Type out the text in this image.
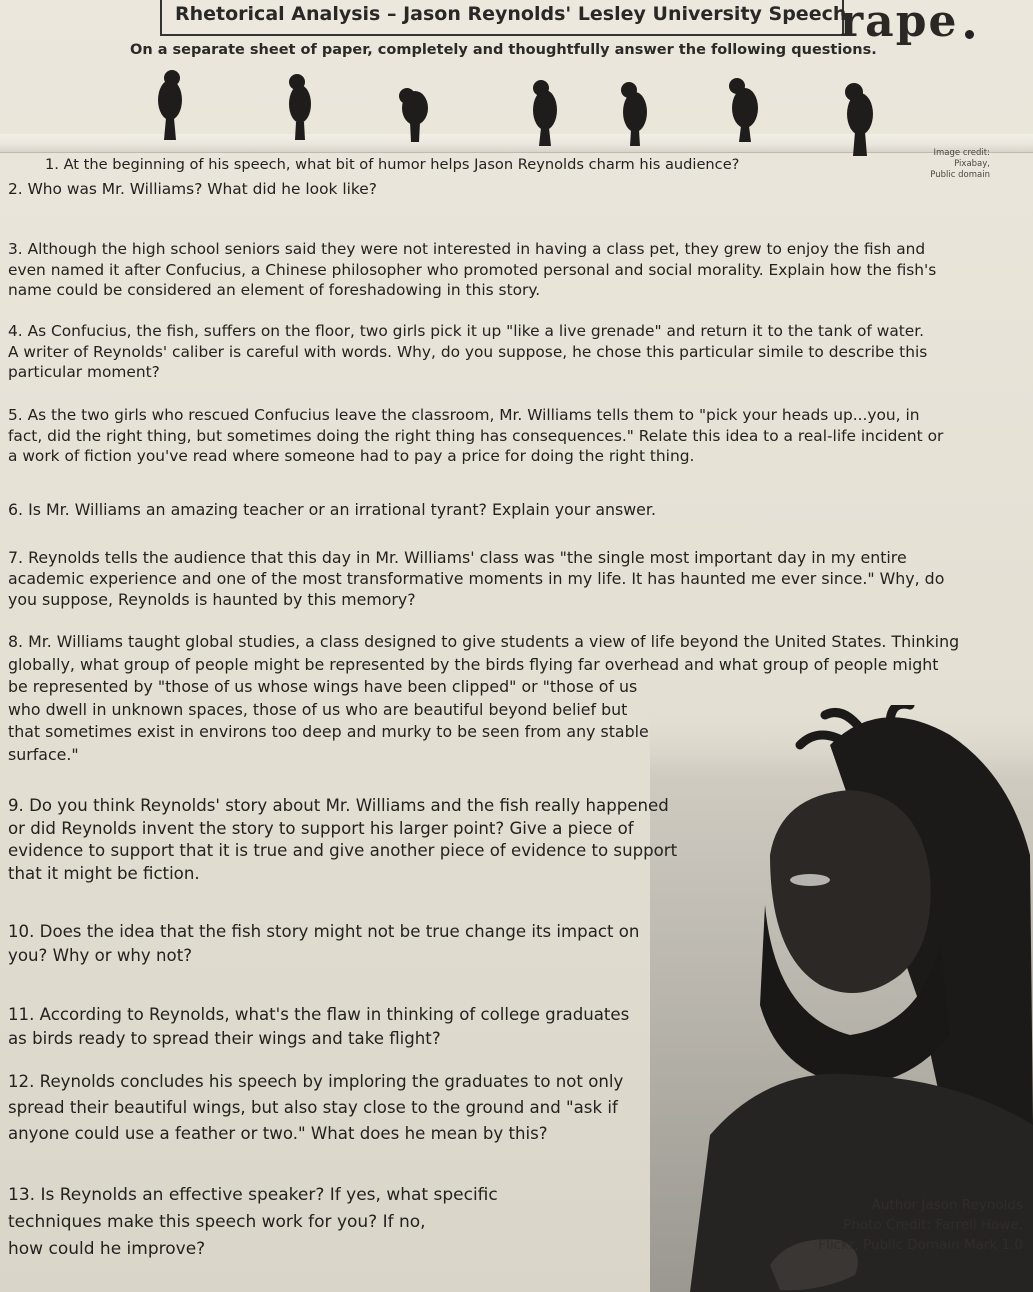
Rhetorical Analysis – Jason Reynolds' Lesley University Speech
rape
On a separate sheet of paper, completely and thoughtfully answer the following questions.
Image credit:
Pixabay,
Public domain
1. At the beginning of his speech, what bit of humor helps Jason Reynolds charm his audience?
2. Who was Mr. Williams? What did he look like?
3. Although the high school seniors said they were not interested in having a class pet, they grew to enjoy the fish and
even named it after Confucius, a Chinese philosopher who promoted personal and social morality. Explain how the fish's
name could be considered an element of foreshadowing in this story.
4. As Confucius, the fish, suffers on the floor, two girls pick it up "like a live grenade" and return it to the tank of water.
A writer of Reynolds' caliber is careful with words. Why, do you suppose, he chose this particular simile to describe this
particular moment?
5. As the two girls who rescued Confucius leave the classroom, Mr. Williams tells them to "pick your heads up...you, in
fact, did the right thing, but sometimes doing the right thing has consequences." Relate this idea to a real-life incident or
a work of fiction you've read where someone had to pay a price for doing the right thing.
6. Is Mr. Williams an amazing teacher or an irrational tyrant? Explain your answer.
7. Reynolds tells the audience that this day in Mr. Williams' class was "the single most important day in my entire
academic experience and one of the most transformative moments in my life. It has haunted me ever since." Why, do
you suppose, Reynolds is haunted by this memory?
8. Mr. Williams taught global studies, a class designed to give students a view of life beyond the United States. Thinking
globally, what group of people might be represented by the birds flying far overhead and what group of people might
be represented by "those of us whose wings have been clipped" or "those of us
who dwell in unknown spaces, those of us who are beautiful beyond belief but
that sometimes exist in environs too deep and murky to be seen from any stable
surface."
9. Do you think Reynolds' story about Mr. Williams and the fish really happened
or did Reynolds invent the story to support his larger point? Give a piece of
evidence to support that it is true and give another piece of evidence to support
that it might be fiction.
10. Does the idea that the fish story might not be true change its impact on
you? Why or why not?
11. According to Reynolds, what's the flaw in thinking of college graduates
as birds ready to spread their wings and take flight?
12. Reynolds concludes his speech by imploring the graduates to not only
spread their beautiful wings, but also stay close to the ground and "ask if
anyone could use a feather or two." What does he mean by this?
13. Is Reynolds an effective speaker? If yes, what specific
techniques make this speech work for you? If no,
how could he improve?
Author Jason Reynolds
Photo Credit: Farrell Howe,
Flickr, Public Domain Mark 1.0
